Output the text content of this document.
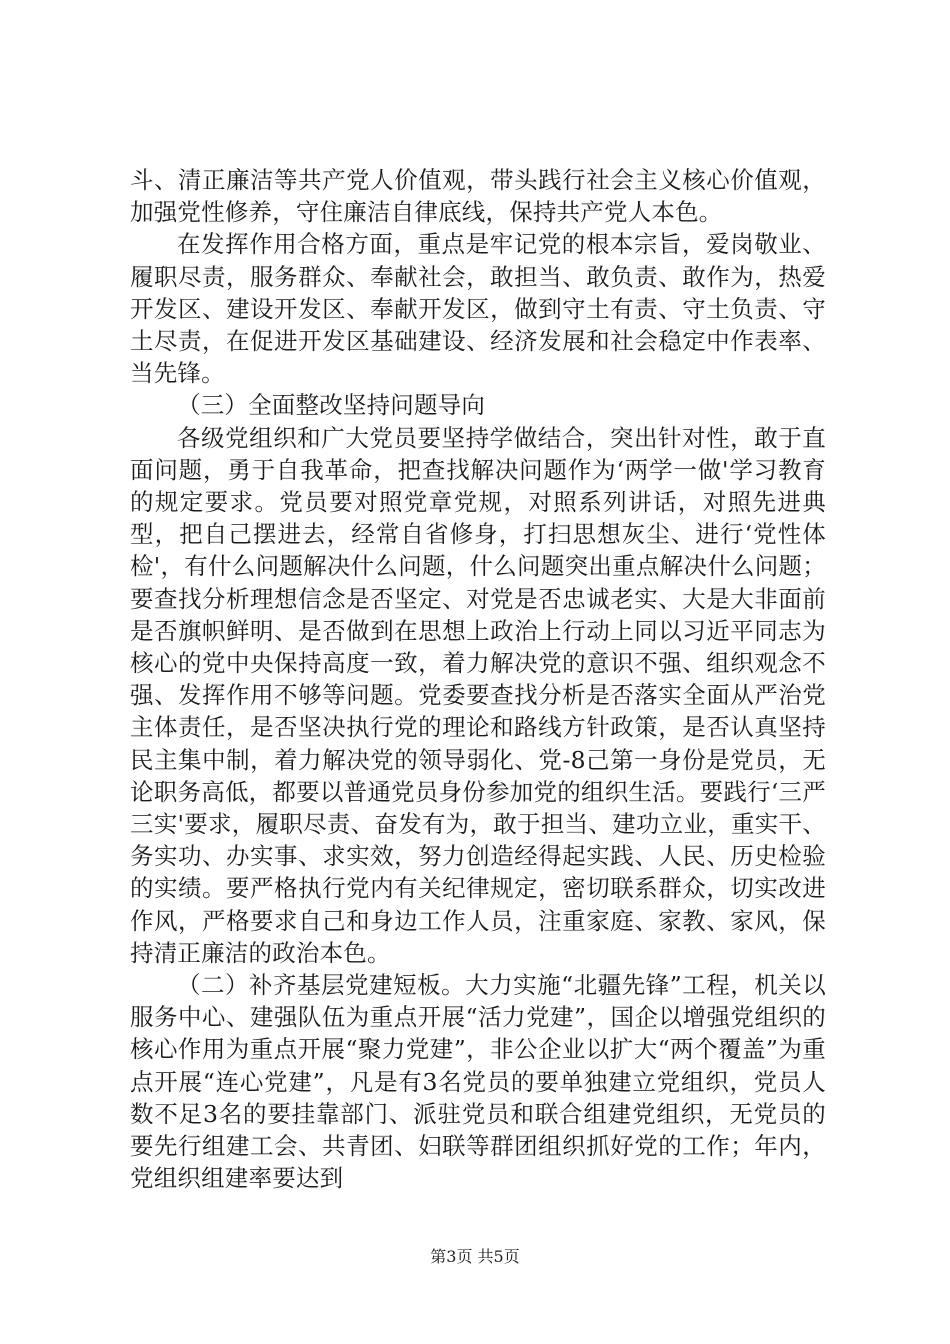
斗、清正廉洁等共产党人价值观，带头践行社会主义核心价值观，加强党性修养，守住廉洁自律底线，保持共产党人本色。

在发挥作用合格方面，重点是牢记党的根本宗旨，爱岗敬业、履职尽责，服务群众、奉献社会，敢担当、敢负责、敢作为，热爱开发区、建设开发区、奉献开发区，做到守土有责、守土负责、守土尽责，在促进开发区基础建设、经济发展和社会稳定中作表率、当先锋。

（三）全面整改坚持问题导向

各级党组织和广大党员要坚持学做结合，突出针对性，敢于直面问题，勇于自我革命，把查找解决问题作为‘两学一做'学习教育的规定要求。党员要对照党章党规，对照系列讲话，对照先进典型，把自己摆进去，经常自省修身，打扫思想灰尘、进行‘党性体检'，有什么问题解决什么问题，什么问题突出重点解决什么问题；要查找分析理想信念是否坚定、对党是否忠诚老实、大是大非面前是否旗帜鲜明、是否做到在思想上政治上行动上同以习近平同志为核心的党中央保持高度一致，着力解决党的意识不强、组织观念不强、发挥作用不够等问题。党委要查找分析是否落实全面从严治党主体责任，是否坚决执行党的理论和路线方针政策，是否认真坚持民主集中制，着力解决党的领导弱化、党-8己第一身份是党员，无论职务高低，都要以普通党员身份参加党的组织生活。要践行‘三严三实'要求，履职尽责、奋发有为，敢于担当、建功立业，重实干、务实功、办实事、求实效，努力创造经得起实践、人民、历史检验的实绩。要严格执行党内有关纪律规定，密切联系群众，切实改进作风，严格要求自己和身边工作人员，注重家庭、家教、家风，保持清正廉洁的政治本色。

（二）补齐基层党建短板。大力实施“北疆先锋”工程，机关以服务中心、建强队伍为重点开展“活力党建”，国企以增强党组织的核心作用为重点开展“聚力党建”，非公企业以扩大“两个覆盖”为重点开展“连心党建”，凡是有3名党员的要单独建立党组织，党员人数不足3名的要挂靠部门、派驻党员和联合组建党组织，无党员的要先行组建工会、共青团、妇联等群团组织抓好党的工作；年内，党组织组建率要达到

第3页 共5页
